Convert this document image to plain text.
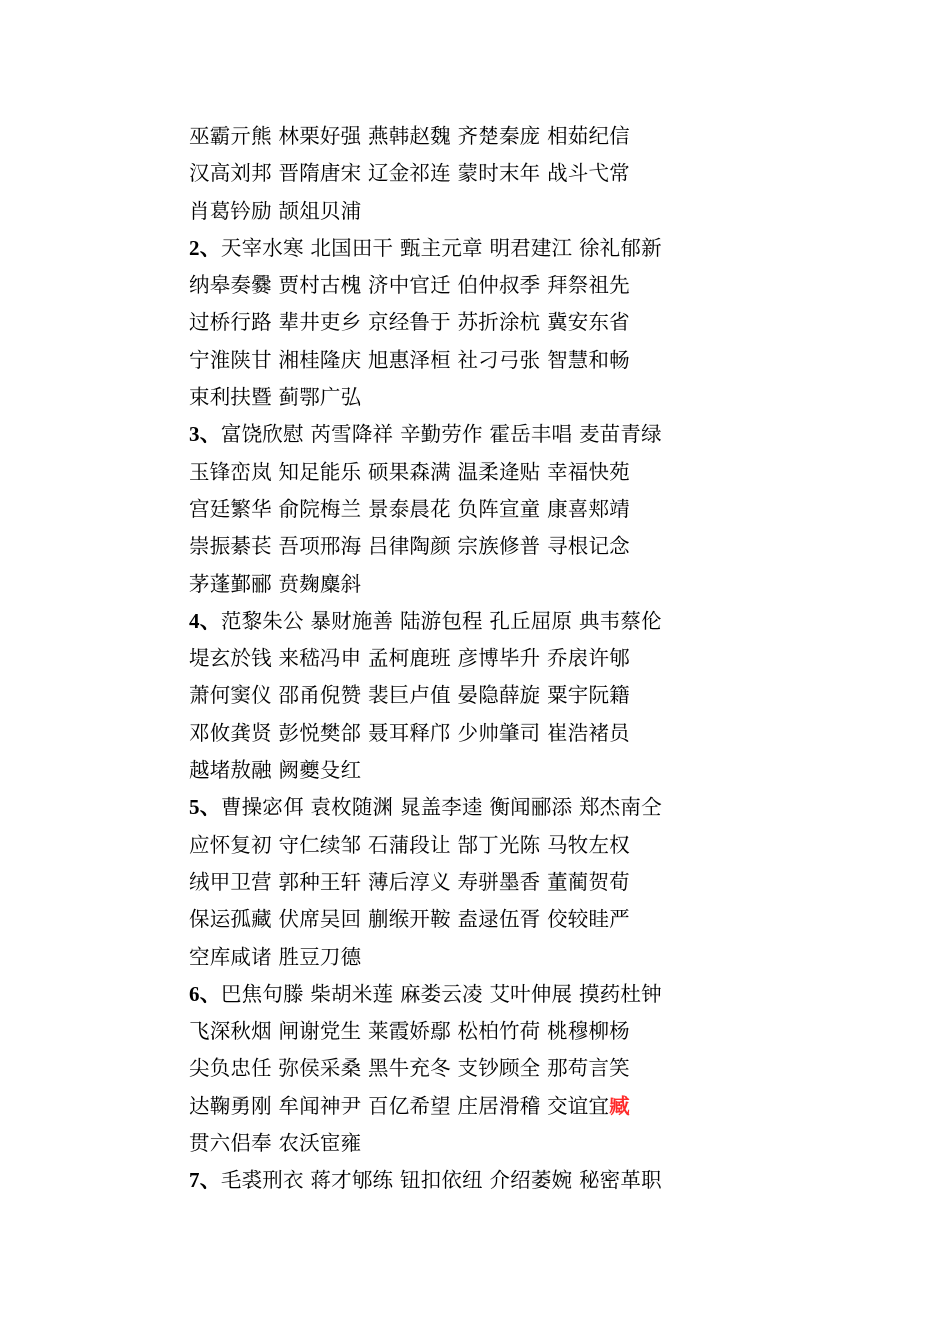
巫霸亓熊 林栗好强 燕韩赵魏 齐楚秦庞 相茹纪信
汉高刘邦 晋隋唐宋 辽金祁连 蒙时末年 战斗弋常
肖葛钤励 颉俎贝浦
2、天宰水寒 北国田干 甄主元章 明君建江 徐礼郁新
纳皋奏爨 贾村古槐 济中官迁 伯仲叔季 拜祭祖先
过桥行路 辈井吏乡 京经鲁于 苏折涂杭 冀安东省
宁淮陕甘 湘桂隆庆 旭惠泽桓 社刁弓张 智慧和畅
束利扶暨 蓟鄂广弘
3、富饶欣慰 芮雪降祥 辛勤劳作 霍岳丰唱 麦苗青绿
玉锋峦岚 知足能乐 硕果森满 温柔逄贴 幸福快苑
宫廷繁华 俞院梅兰 景泰晨花 负阵宣童 康喜郏靖
崇振綦苌 吾项邢海 吕律陶颜 宗族修普 寻根记念
茅蓬鄞郦 贲麹麋斜
4、范黎朱公 暴财施善 陆游包程 孔丘屈原 典韦蔡伦
堤玄於钱 来嵇冯申 孟柯鹿班 彦博毕升 乔扆许郇
萧何窦仪 邵甬倪赞 裴巨卢值 晏隐薛旋 粟宇阮籍
邓攸龚贤 彭悦樊郃 聂耳释邝 少帅肇司 崔浩褚员
越堵敖融 阙夔殳红
5、曹操宓佴 袁枚随渊 晁盖李逵 衡闻郦添 郑杰南仝
应怀复初 守仁续邹 石蒲段让 郜丁光陈 马牧左权
绒甲卫营 郭种王轩 薄后淳义 寿骈墨香 董蔺贺荀
保运孤藏 伏席吴回 蒯缑开鞍 盍逯伍胥 佼较眭严
空库咸诸 胜豆刀德
6、巴焦句滕 柴胡米莲 麻娄云凌 艾叶伸展 摸药杜钟
飞深秋烟 闸谢党生 莱霞娇鄢 松柏竹荷 桃穆柳杨
尖负忠任 弥侯采桑 黑牛充冬 支钞顾全 那苟言笑
达鞠勇刚 牟闻神尹 百亿希望 庄居滑稽 交谊宜臧
贯六侣奉 农沃宦雍
7、毛裘刑衣 蒋才郇练 钮扣依纽 介绍萎婉 秘密革职
